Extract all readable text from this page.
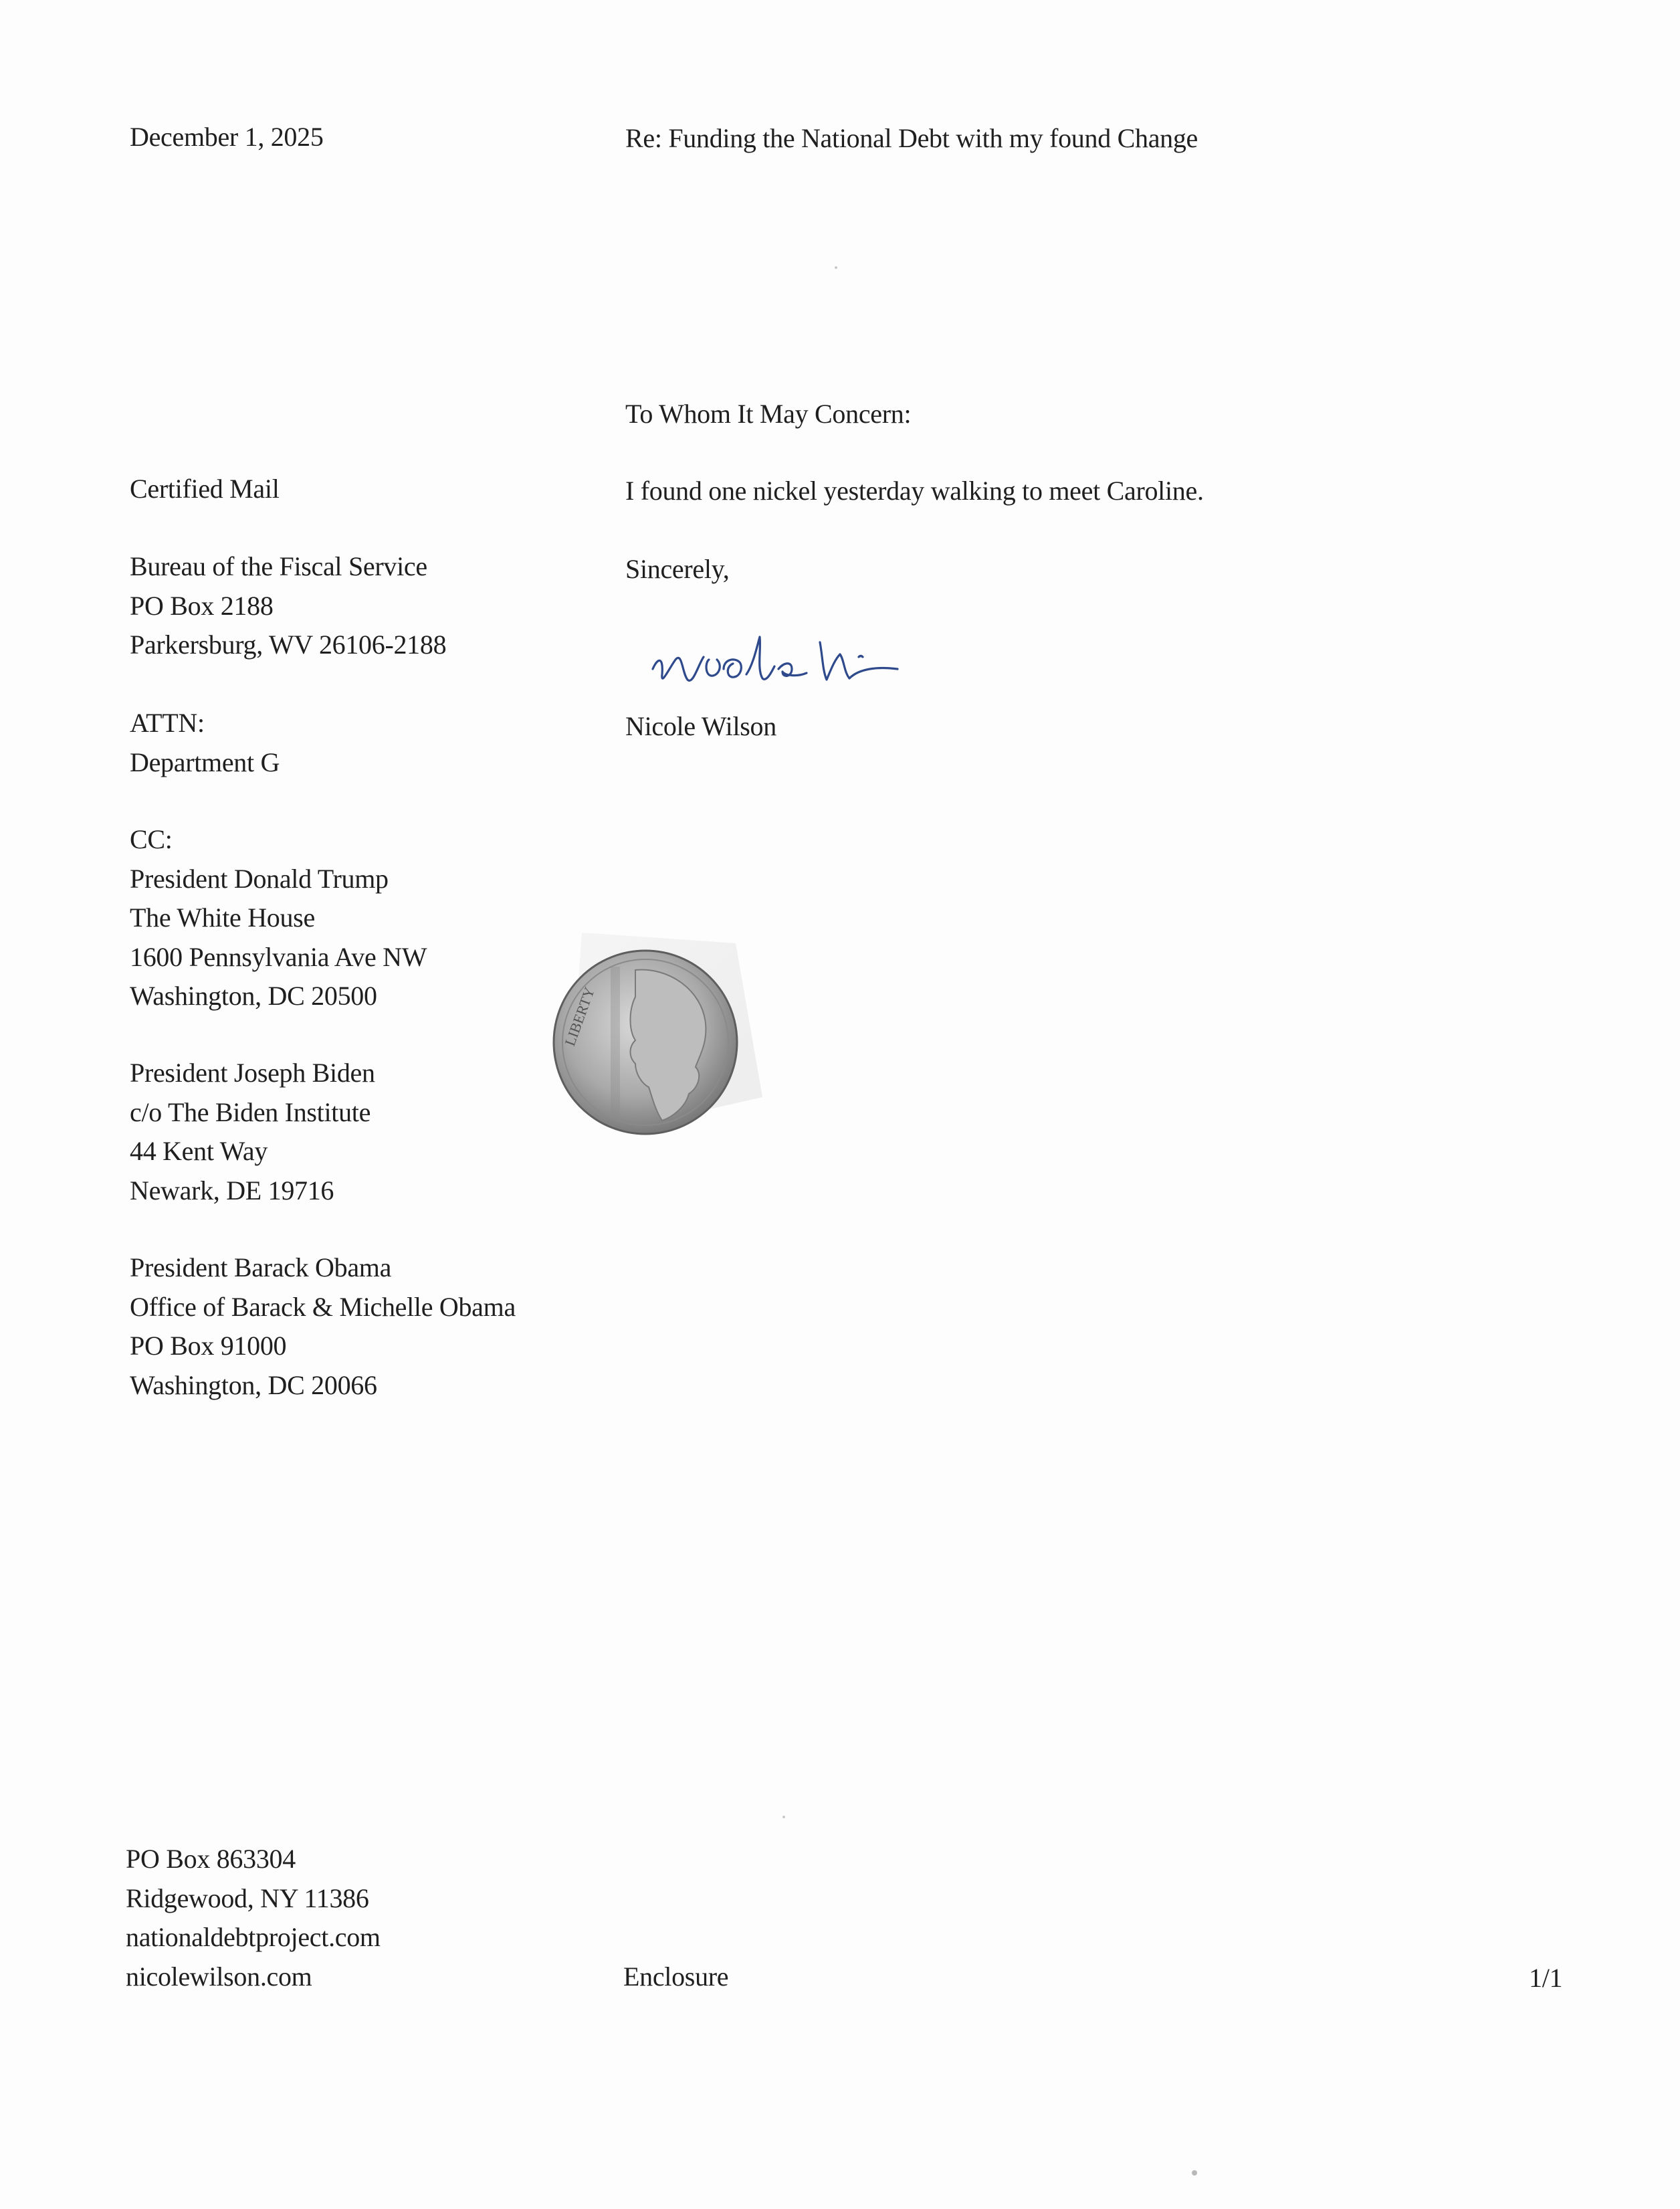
December 1, 2025	Re: Funding the National Debt with my found Change
To Whom It May Concern:
I found one nickel yesterday walking to meet Caroline.
Sincerely,
Nicole Wilson
Certified Mail
Bureau of the Fiscal Service
PO Box 2188
Parkersburg, WV 26106-2188
ATTN:
Department G
CC:
President Donald Trump
The White House
1600 Pennsylvania Ave NW
Washington, DC 20500
President Joseph Biden
c/o The Biden Institute
44 Kent Way
Newark, DE 19716
President Barack Obama
Office of Barack & Michelle Obama
PO Box 91000
Washington, DC 20066
LIBERTY
PO Box 863304
Ridgewood, NY 11386
nationaldebtproject.com
nicolewilson.com	Enclosure	1/1
